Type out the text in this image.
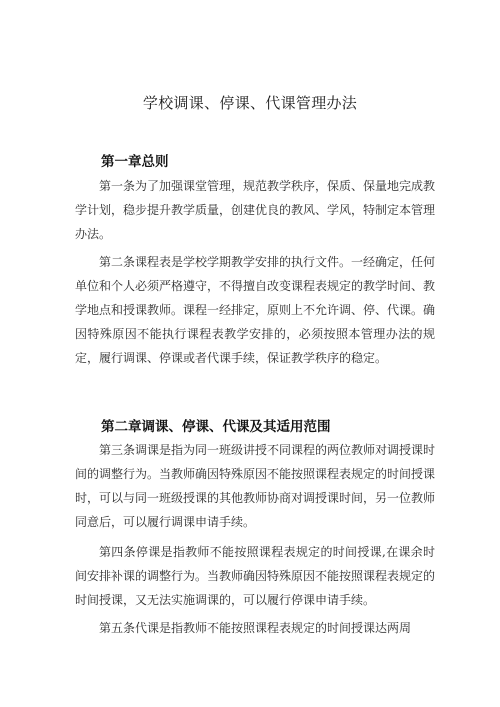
学校调课、停课、代课管理办法
第一章总则
第一条为了加强课堂管理，规范教学秩序，保质、保量地完成教学计划，稳步提升教学质量，创建优良的教风、学风，特制定本管理办法。
第二条课程表是学校学期教学安排的执行文件。一经确定，任何单位和个人必须严格遵守，不得擅自改变课程表规定的教学时间、教学地点和授课教师。课程一经排定，原则上不允许调、停、代课。确因特殊原因不能执行课程表教学安排的，必须按照本管理办法的规定，履行调课、停课或者代课手续，保证教学秩序的稳定。
第二章调课、停课、代课及其适用范围
第三条调课是指为同一班级讲授不同课程的两位教师对调授课时间的调整行为。当教师确因特殊原因不能按照课程表规定的时间授课时，可以与同一班级授课的其他教师协商对调授课时间，另一位教师同意后，可以履行调课申请手续。
第四条停课是指教师不能按照课程表规定的时间授课,在课余时间安排补课的调整行为。当教师确因特殊原因不能按照课程表规定的时间授课，又无法实施调课的，可以履行停课申请手续。
第五条代课是指教师不能按照课程表规定的时间授课达两周
